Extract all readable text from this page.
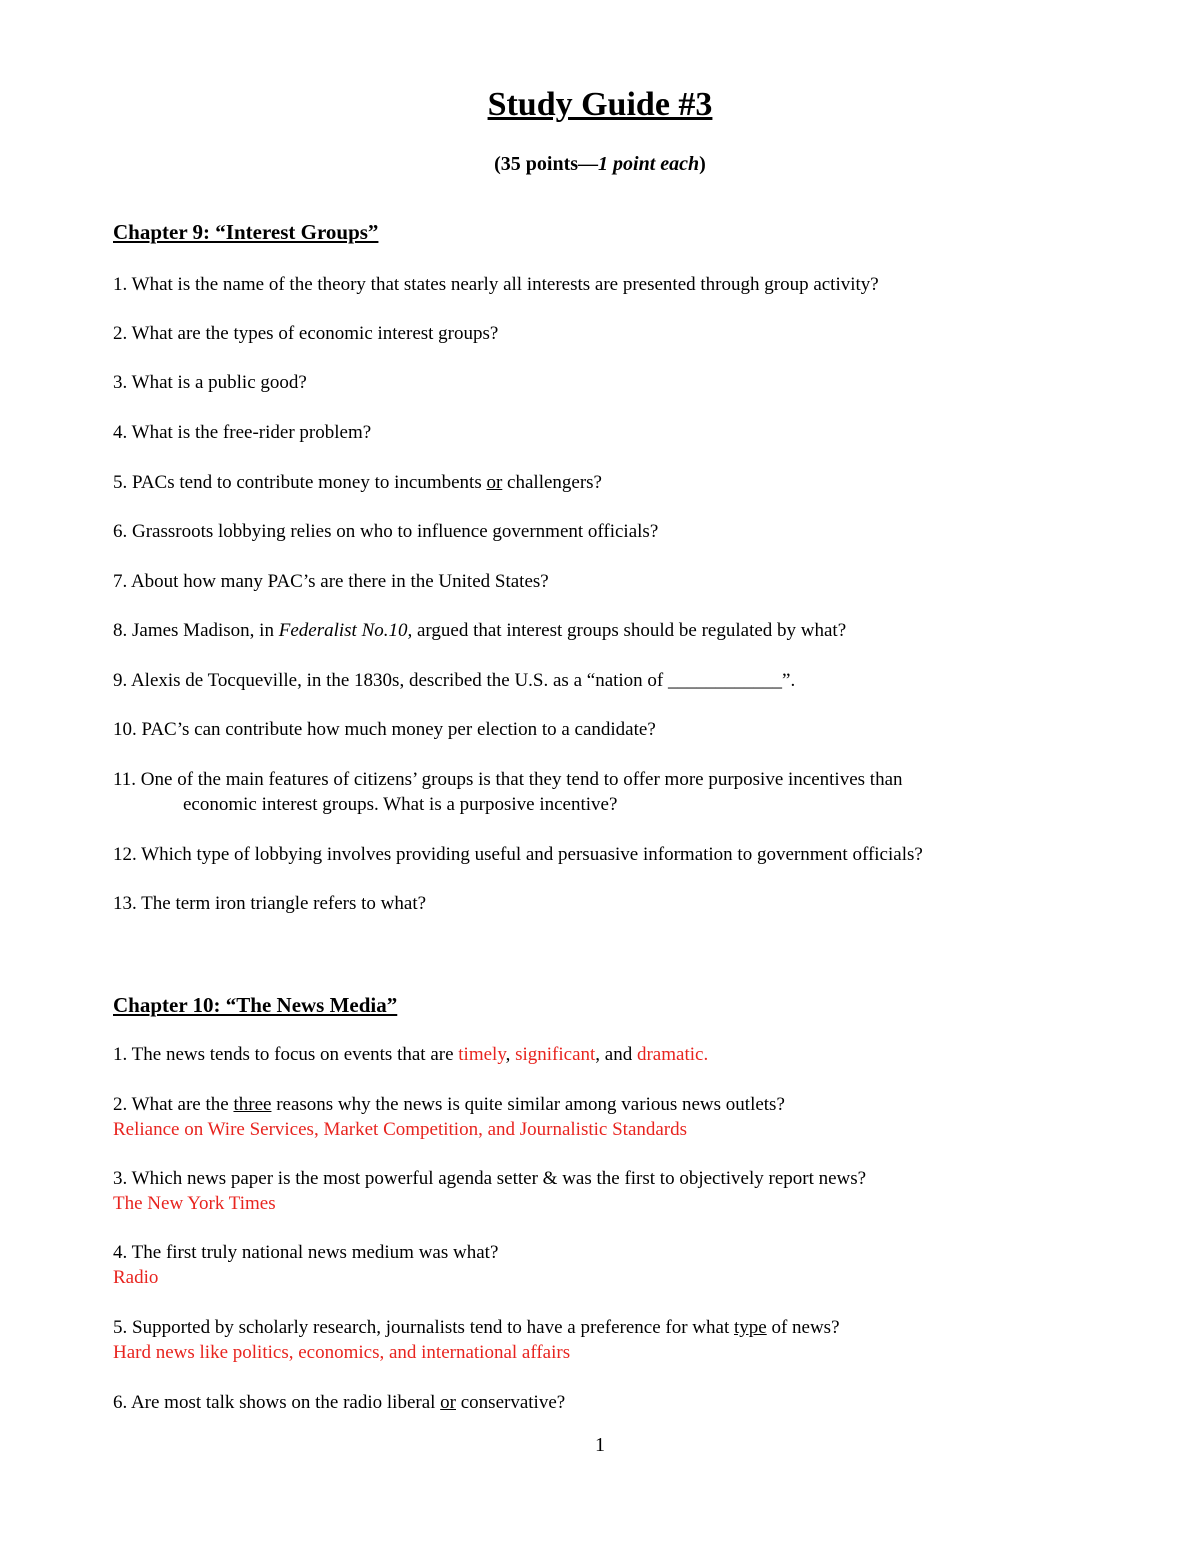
Study Guide #3
(35 points—1 point each)
Chapter 9: “Interest Groups”
1. What is the name of the theory that states nearly all interests are presented through group activity?
2. What are the types of economic interest groups?
3. What is a public good?
4. What is the free-rider problem?
5. PACs tend to contribute money to incumbents or challengers?
6. Grassroots lobbying relies on who to influence government officials?
7. About how many PAC’s are there in the United States?
8. James Madison, in Federalist No.10, argued that interest groups should be regulated by what?
9. Alexis de Tocqueville, in the 1830s, described the U.S. as a “nation of ____________”.
10. PAC’s can contribute how much money per election to a candidate?
11. One of the main features of citizens’ groups is that they tend to offer more purposive incentives than
economic interest groups. What is a purposive incentive?
12. Which type of lobbying involves providing useful and persuasive information to government officials?
13. The term iron triangle refers to what?
Chapter 10: “The News Media”
1. The news tends to focus on events that are timely, significant, and dramatic.
2. What are the three reasons why the news is quite similar among various news outlets?
Reliance on Wire Services, Market Competition, and Journalistic Standards
3. Which news paper is the most powerful agenda setter & was the first to objectively report news?
The New York Times
4. The first truly national news medium was what?
Radio
5. Supported by scholarly research, journalists tend to have a preference for what type of news?
Hard news like politics, economics, and international affairs
6. Are most talk shows on the radio liberal or conservative?
1
